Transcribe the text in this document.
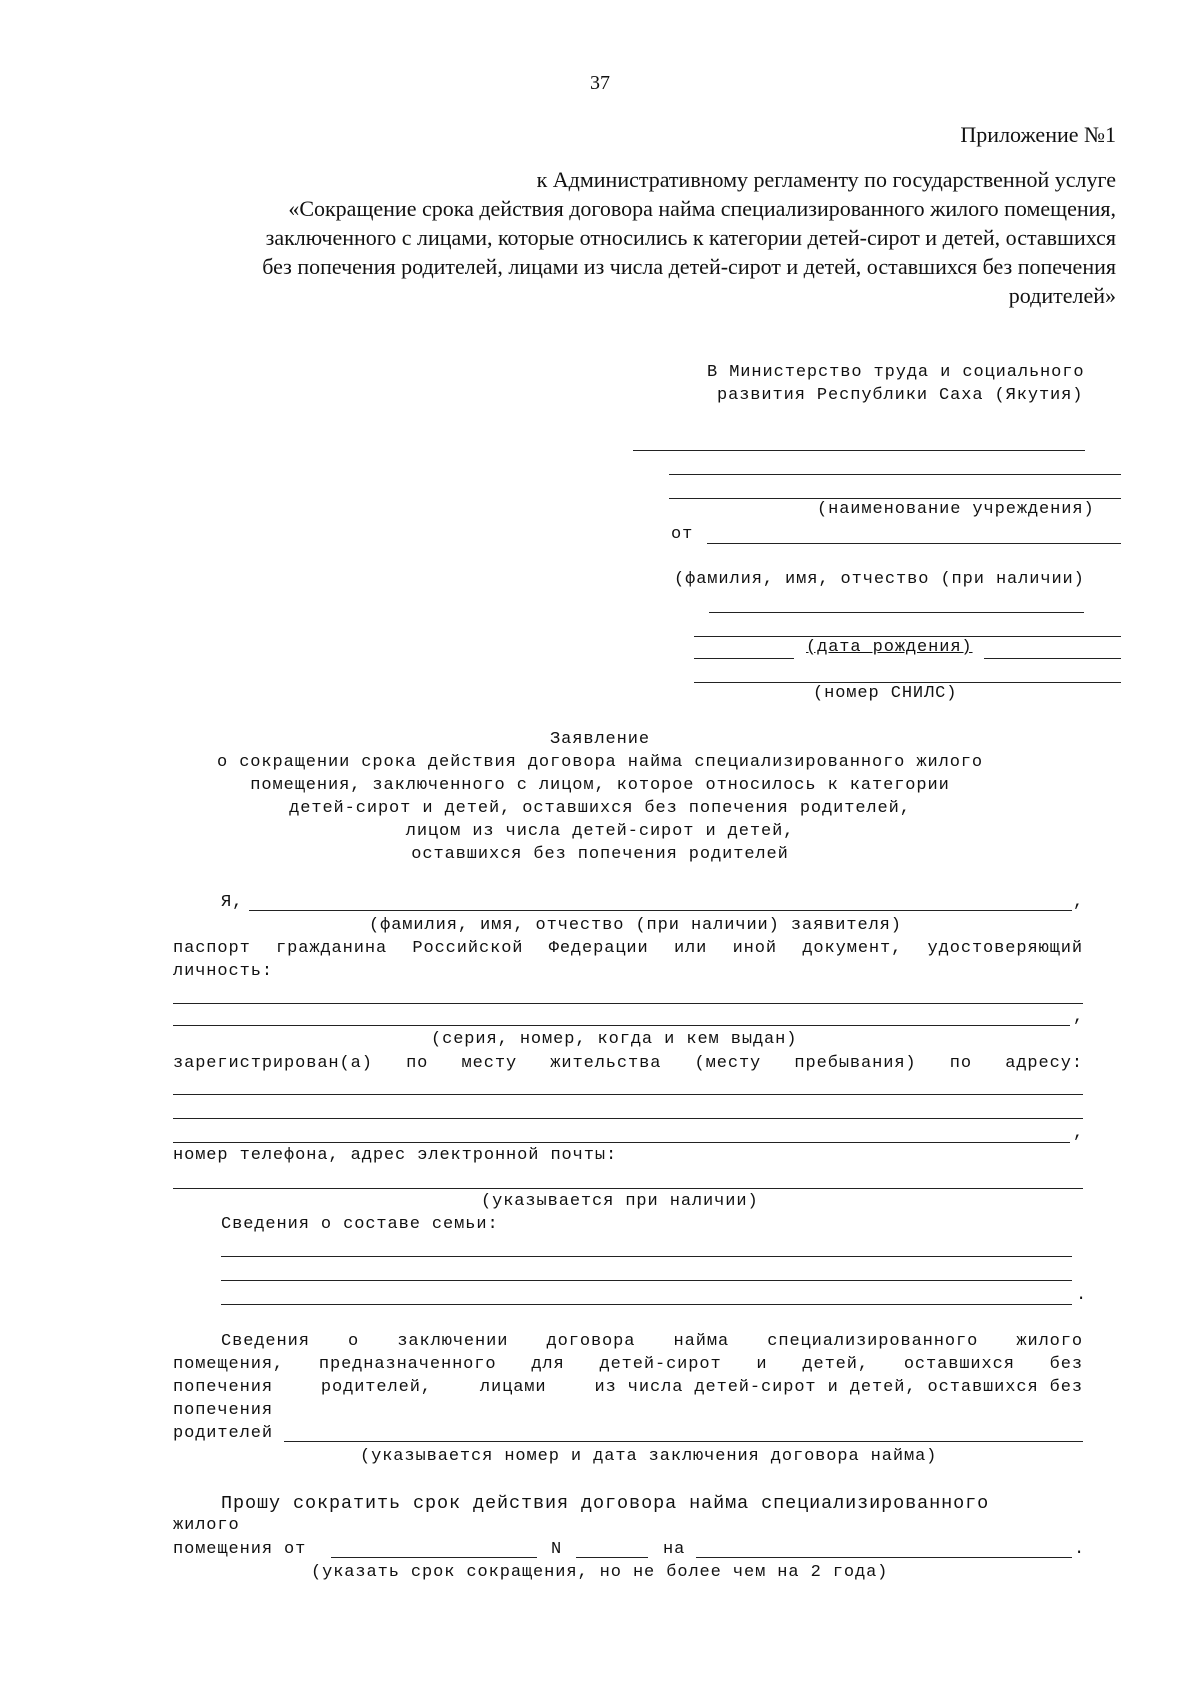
37
Приложение №1
к Административному регламенту по государственной услуге
«Сокращение срока действия договора найма специализированного жилого помещения,
заключенного с лицами, которые относились к категории детей-сирот и детей, оставшихся
без попечения родителей, лицами из числа детей-сирот и детей, оставшихся без попечения
родителей»
В Министерство труда и социального
развития Республики Саха (Якутия)
(наименование учреждения)
от
(фамилия, имя, отчество (при наличии)
(дата рождения)
(номер СНИЛС)
Заявление
о сокращении срока действия договора найма специализированного жилого
помещения, заключенного с лицом, которое относилось к категории
детей-сирот и детей, оставшихся без попечения родителей,
лицом из числа детей-сирот и детей,
оставшихся без попечения родителей
Я,	,
(фамилия, имя, отчество (при наличии) заявителя)
паспорт гражданина Российской Федерации или иной документ, удостоверяющий
личность:
,
(серия, номер, когда и кем выдан)
зарегистрирован(а) по месту жительства (месту пребывания) по адресу:
,
номер телефона, адрес электронной почты:
(указывается при наличии)
Сведения о составе семьи:
.
Сведения о заключении договора найма специализированного жилого
помещения, предназначенного для детей-сирот и детей, оставшихся без
попечения	родителей,	лицами	из числа детей-сирот и детей, оставшихся без
попечения
родителей
(указывается номер и дата заключения договора найма)
Прошу сократить срок действия договора найма специализированного
жилого
помещения от	N	на	.
(указать срок сокращения, но не более чем на 2 года)
